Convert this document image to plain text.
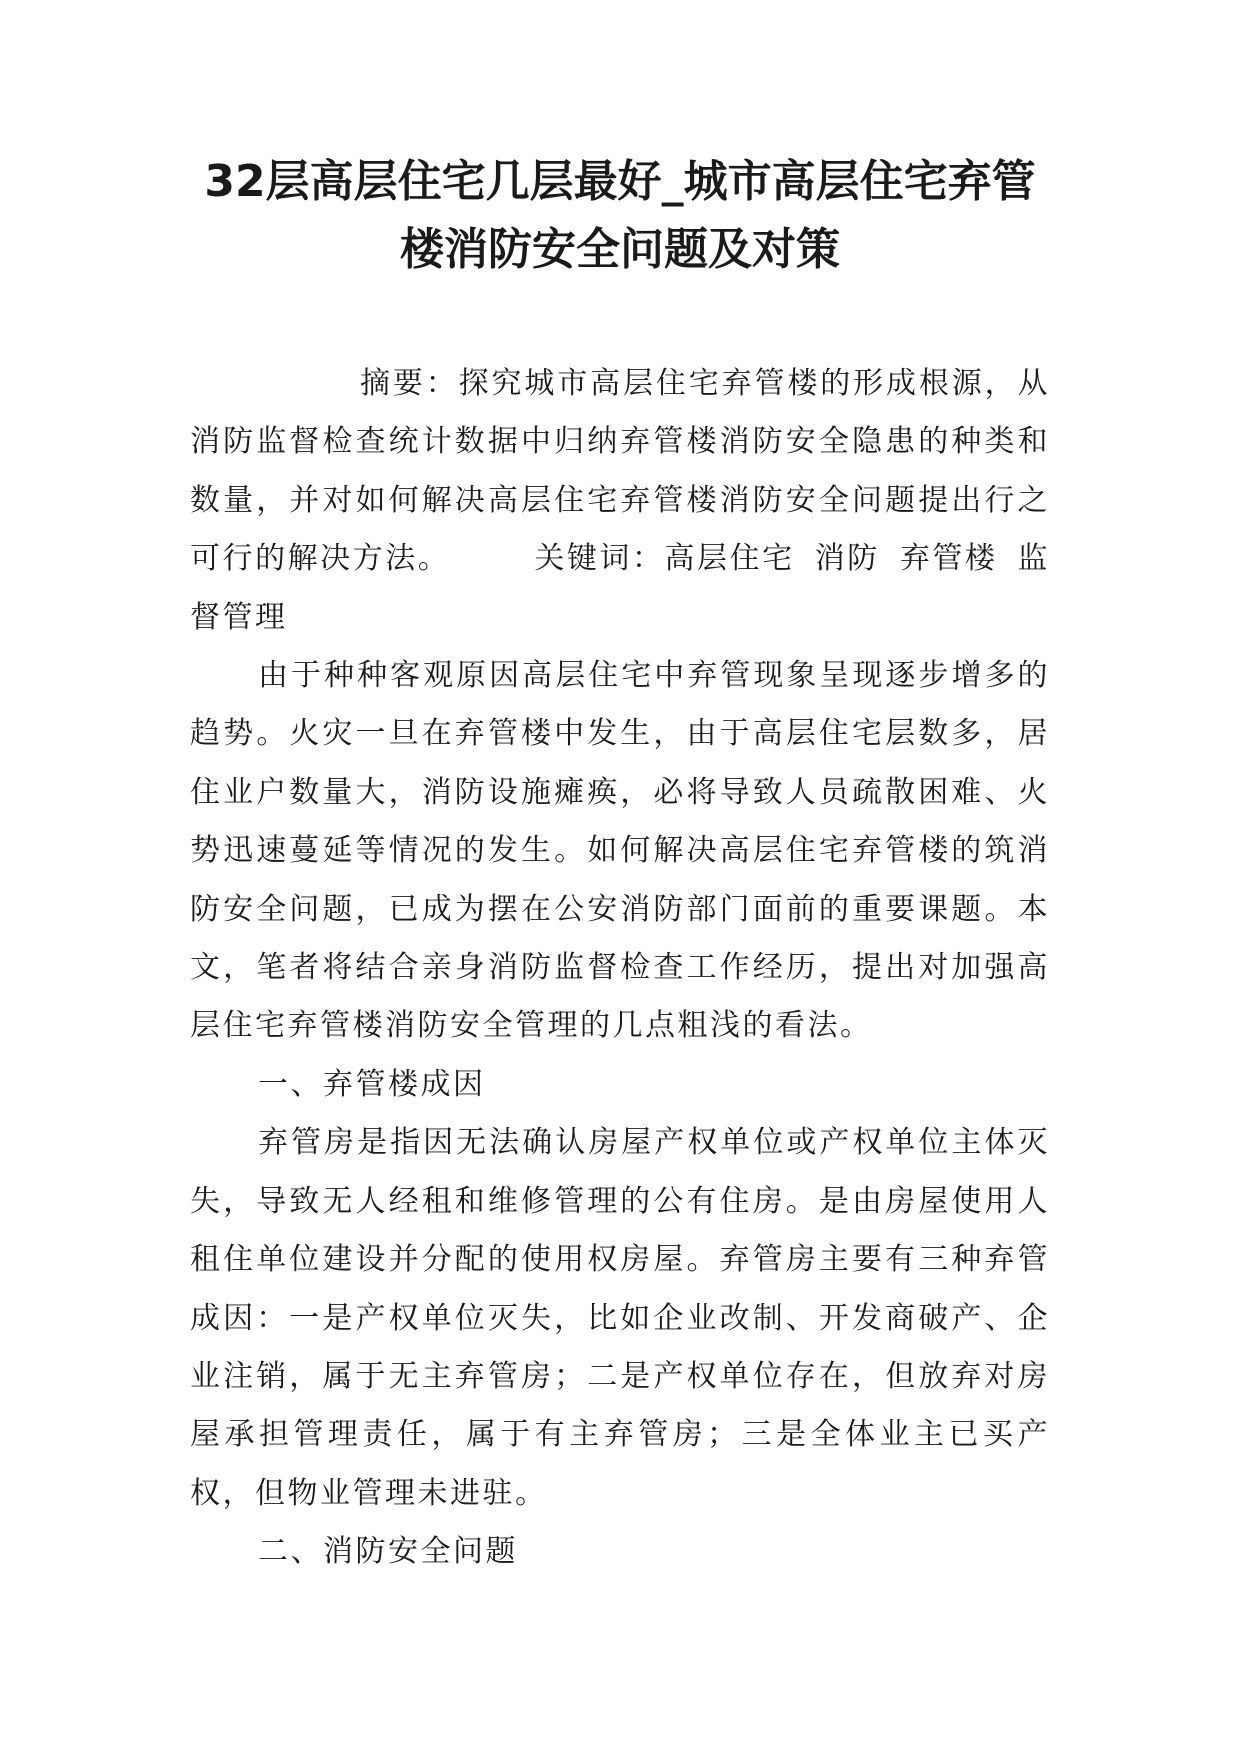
32层高层住宅几层最好_城市高层住宅弃管
楼消防安全问题及对策

摘要：探究城市高层住宅弃管楼的形成根源，从消防监督检查统计数据中归纳弃管楼消防安全隐患的种类和数量，并对如何解决高层住宅弃管楼消防安全问题提出行之可行的解决方法。	关键词：高层住宅 消防 弃管楼 监督管理

由于种种客观原因高层住宅中弃管现象呈现逐步增多的趋势。火灾一旦在弃管楼中发生，由于高层住宅层数多，居住业户数量大，消防设施瘫痪，必将导致人员疏散困难、火势迅速蔓延等情况的发生。如何解决高层住宅弃管楼的筑消防安全问题，已成为摆在公安消防部门面前的重要课题。本文，笔者将结合亲身消防监督检查工作经历，提出对加强高层住宅弃管楼消防安全管理的几点粗浅的看法。

一、弃管楼成因

弃管房是指因无法确认房屋产权单位或产权单位主体灭失，导致无人经租和维修管理的公有住房。是由房屋使用人租住单位建设并分配的使用权房屋。弃管房主要有三种弃管成因：一是产权单位灭失，比如企业改制、开发商破产、企业注销，属于无主弃管房；二是产权单位存在，但放弃对房屋承担管理责任，属于有主弃管房；三是全体业主已买产权，但物业管理未进驻。

二、消防安全问题
